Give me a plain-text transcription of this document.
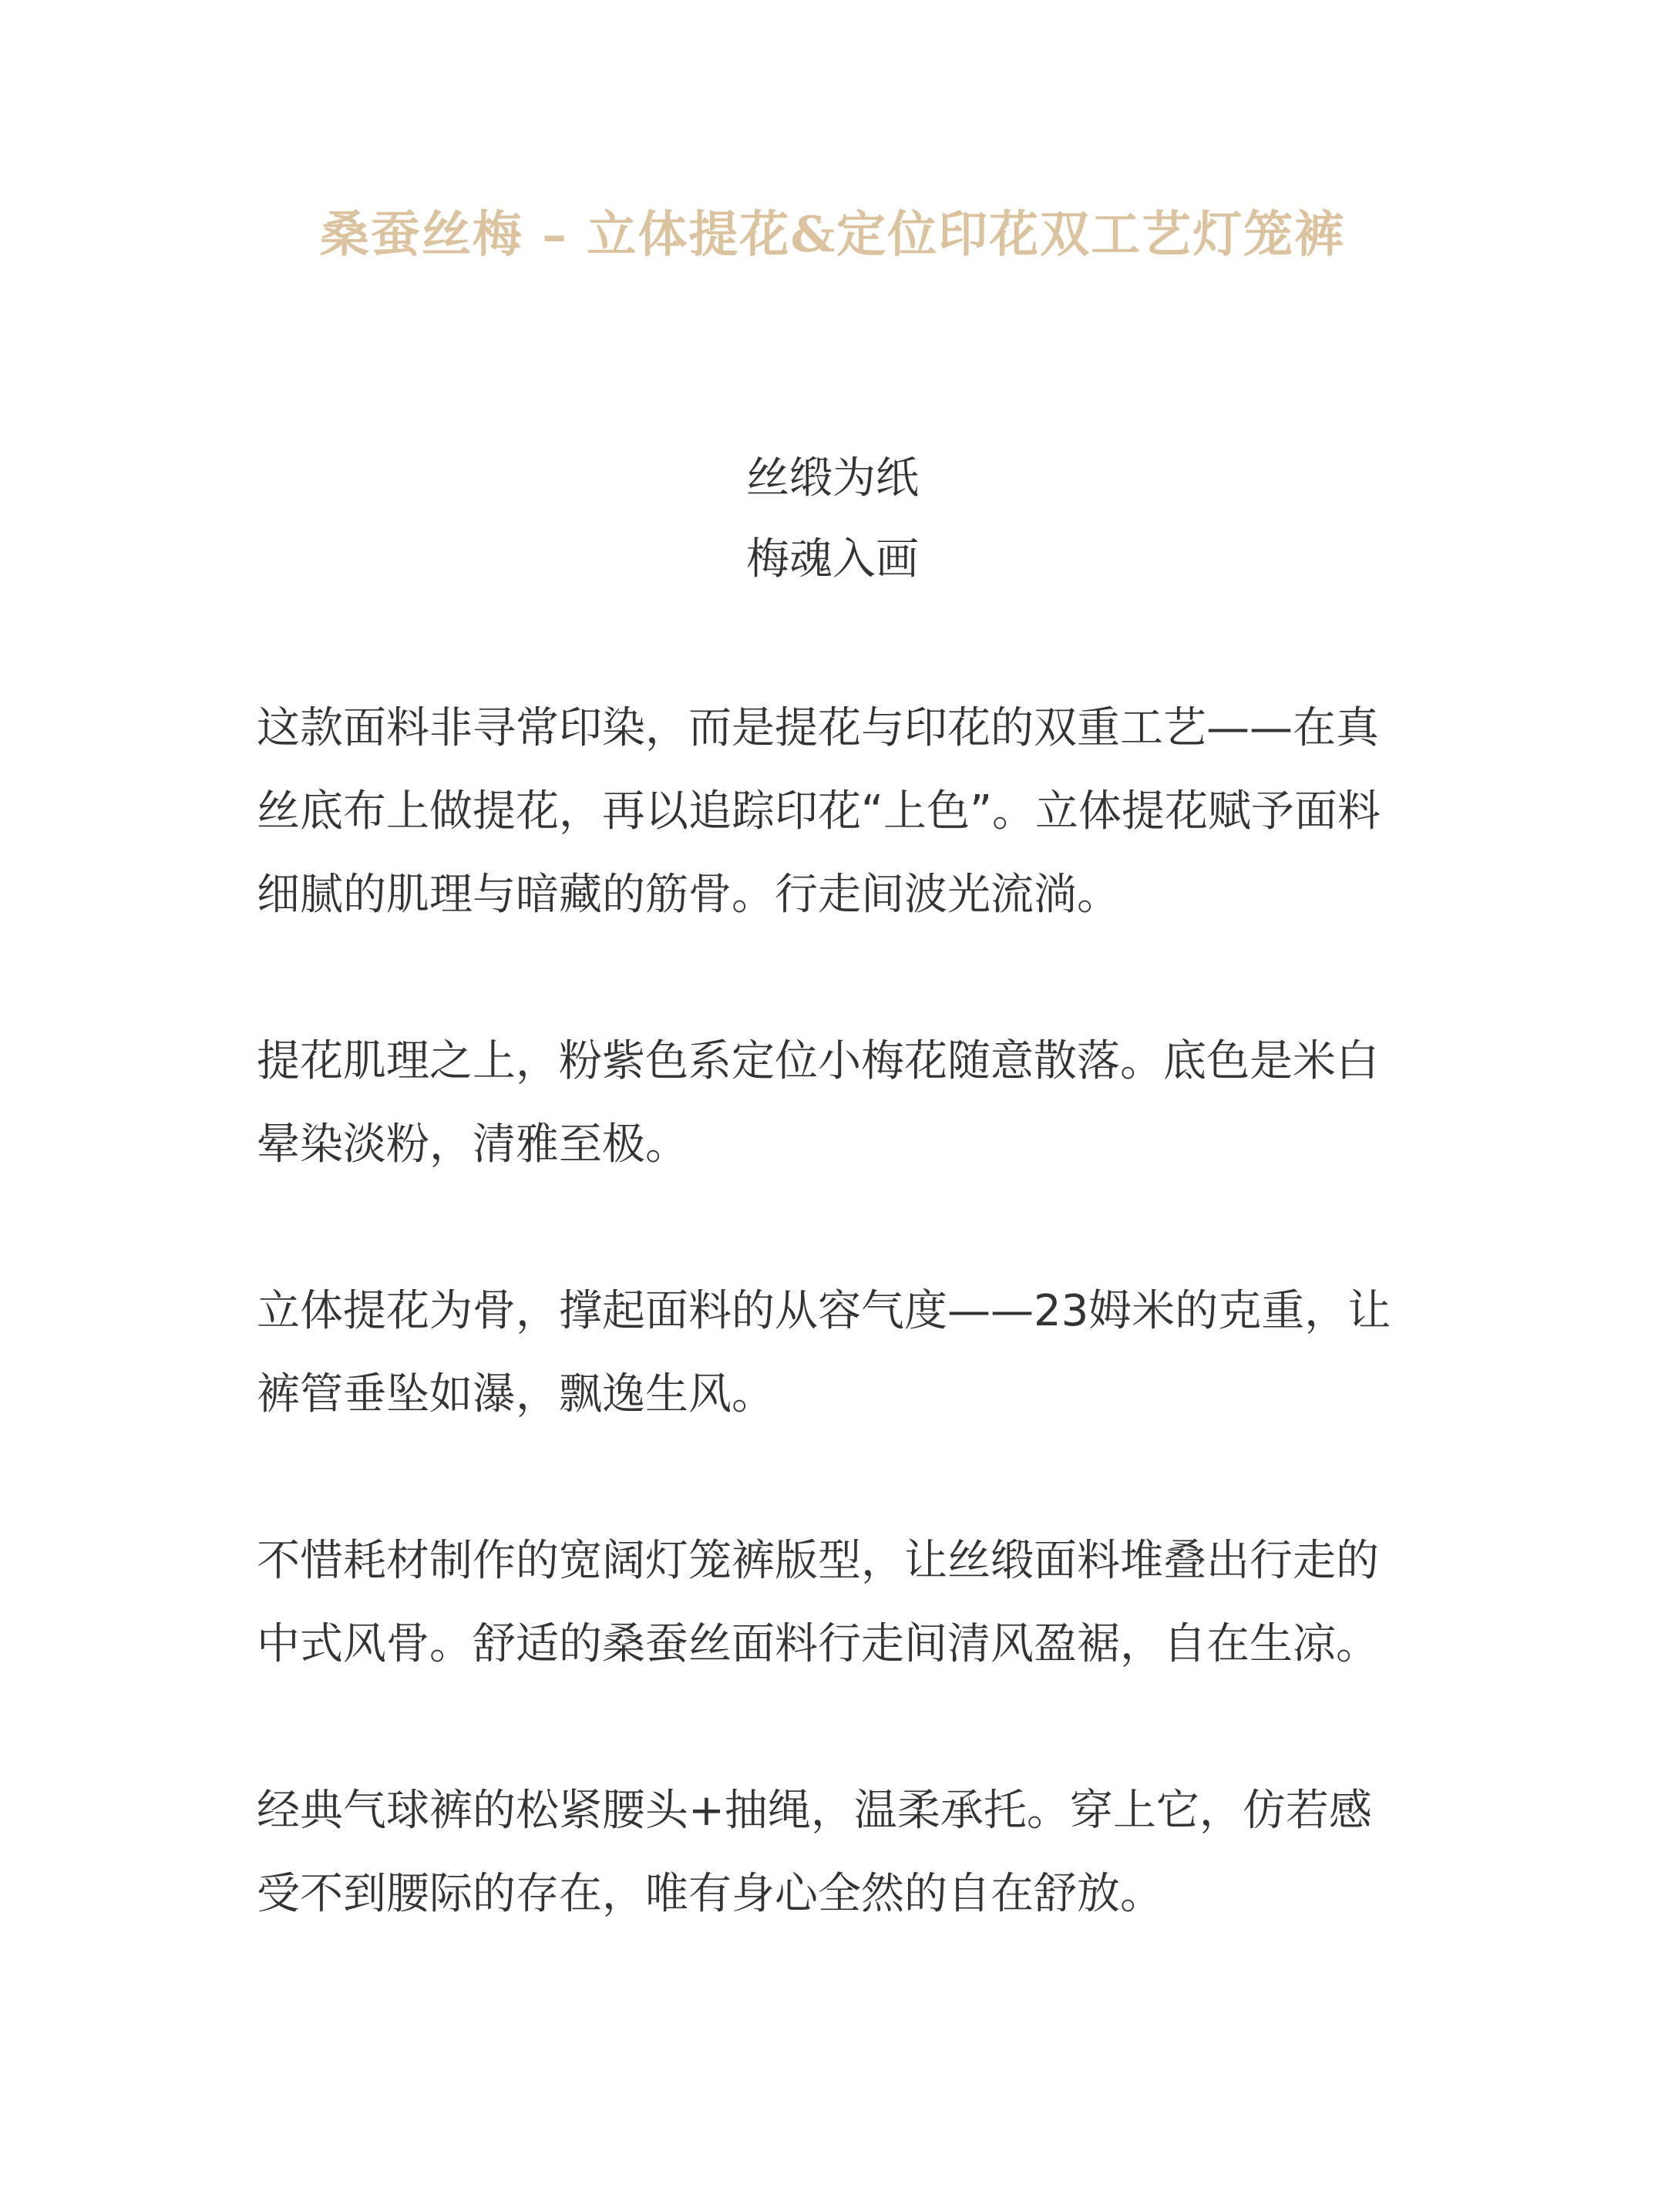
桑蚕丝梅 – 立体提花&定位印花双工艺灯笼裤
丝缎为纸
梅魂入画

这款面料非寻常印染，而是提花与印花的双重工艺——在真丝底布上做提花，再以追踪印花“上色”。立体提花赋予面料细腻的肌理与暗藏的筋骨。行走间波光流淌。

提花肌理之上，粉紫色系定位小梅花随意散落。底色是米白晕染淡粉，清雅至极。

立体提花为骨，撑起面料的从容气度——23姆米的克重，让裤管垂坠如瀑，飘逸生风。

不惜耗材制作的宽阔灯笼裤版型，让丝缎面料堆叠出行走的中式风骨。舒适的桑蚕丝面料行走间清风盈裾，自在生凉。

经典气球裤的松紧腰头+抽绳，温柔承托。穿上它，仿若感受不到腰际的存在，唯有身心全然的自在舒放。
